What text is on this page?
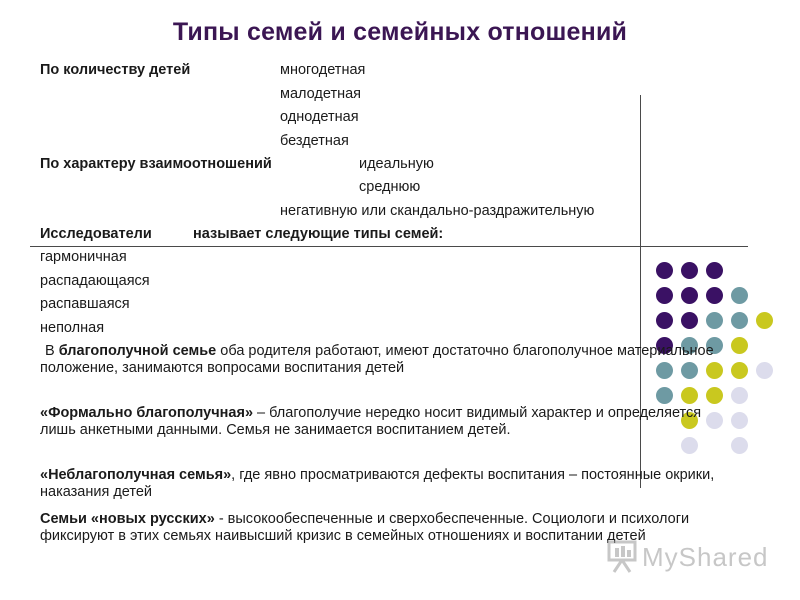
Типы семей и семейных отношений
По количеству детей	многодетная
малодетная
однодетная
бездетная
По характеру взаимоотношений	идеальную
среднюю
негативную или скандально-раздражительную
Исследователи	называет следующие типы семей:
гармоничная
распадающаяся
распавшаяся
неполная
В благополучной семье оба родителя работают, имеют достаточно благополучное материальное положение, занимаются вопросами воспитания детей
«Формально благополучная» – благополучие нередко носит видимый характер и определяется лишь анкетными данными. Семья не занимается воспитанием детей.
«Неблагополучная семья», где явно просматриваются дефекты воспитания – постоянные окрики, наказания детей
Семьи «новых русских» - высокообеспеченные и сверхобеспеченные. Социологи и психологи фиксируют в этих семьях наивысший кризис в семейных отношениях и воспитании детей
MyShared
